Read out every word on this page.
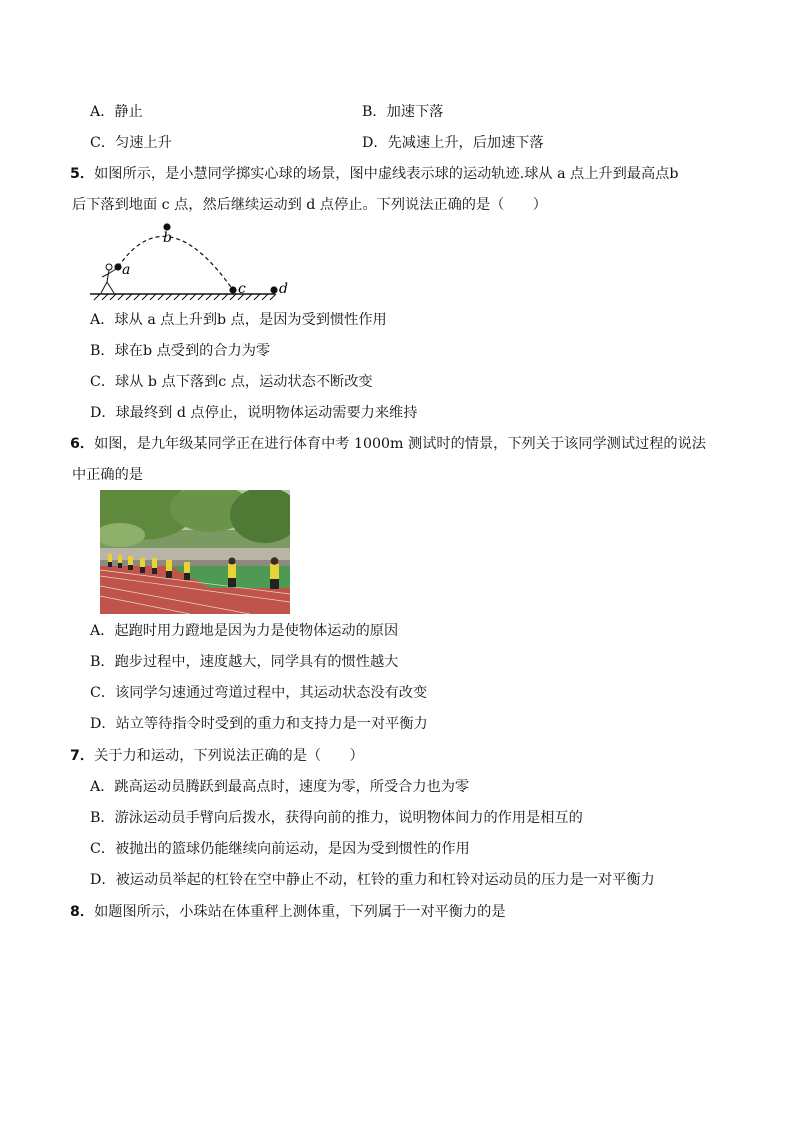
A．静止	B．加速下落
C．匀速上升	D．先减速上升，后加速下落
5．如图所示，是小慧同学掷实心球的场景，图中虚线表示球的运动轨迹.球从 a 点上升到最高点b
后下落到地面 c 点，然后继续运动到 d 点停止。下列说法正确的是（　　）
a
b
c d
A．球从 a 点上升到b 点，是因为受到惯性作用
B．球在b 点受到的合力为零
C．球从 b 点下落到c 点，运动状态不断改变
D．球最终到 d 点停止，说明物体运动需要力来维持
6．如图，是九年级某同学正在进行体育中考 1000m 测试时的情景，下列关于该同学测试过程的说法
中正确的是
A．起跑时用力蹬地是因为力是使物体运动的原因
B．跑步过程中，速度越大，同学具有的惯性越大
C．该同学匀速通过弯道过程中，其运动状态没有改变
D．站立等待指令时受到的重力和支持力是一对平衡力
7．关于力和运动，下列说法正确的是（　　）
A．跳高运动员腾跃到最高点时，速度为零，所受合力也为零
B．游泳运动员手臂向后拨水，获得向前的推力，说明物体间力的作用是相互的
C．被抛出的篮球仍能继续向前运动，是因为受到惯性的作用
D．被运动员举起的杠铃在空中静止不动，杠铃的重力和杠铃对运动员的压力是一对平衡力
8．如题图所示，小珠站在体重秤上测体重，下列属于一对平衡力的是
